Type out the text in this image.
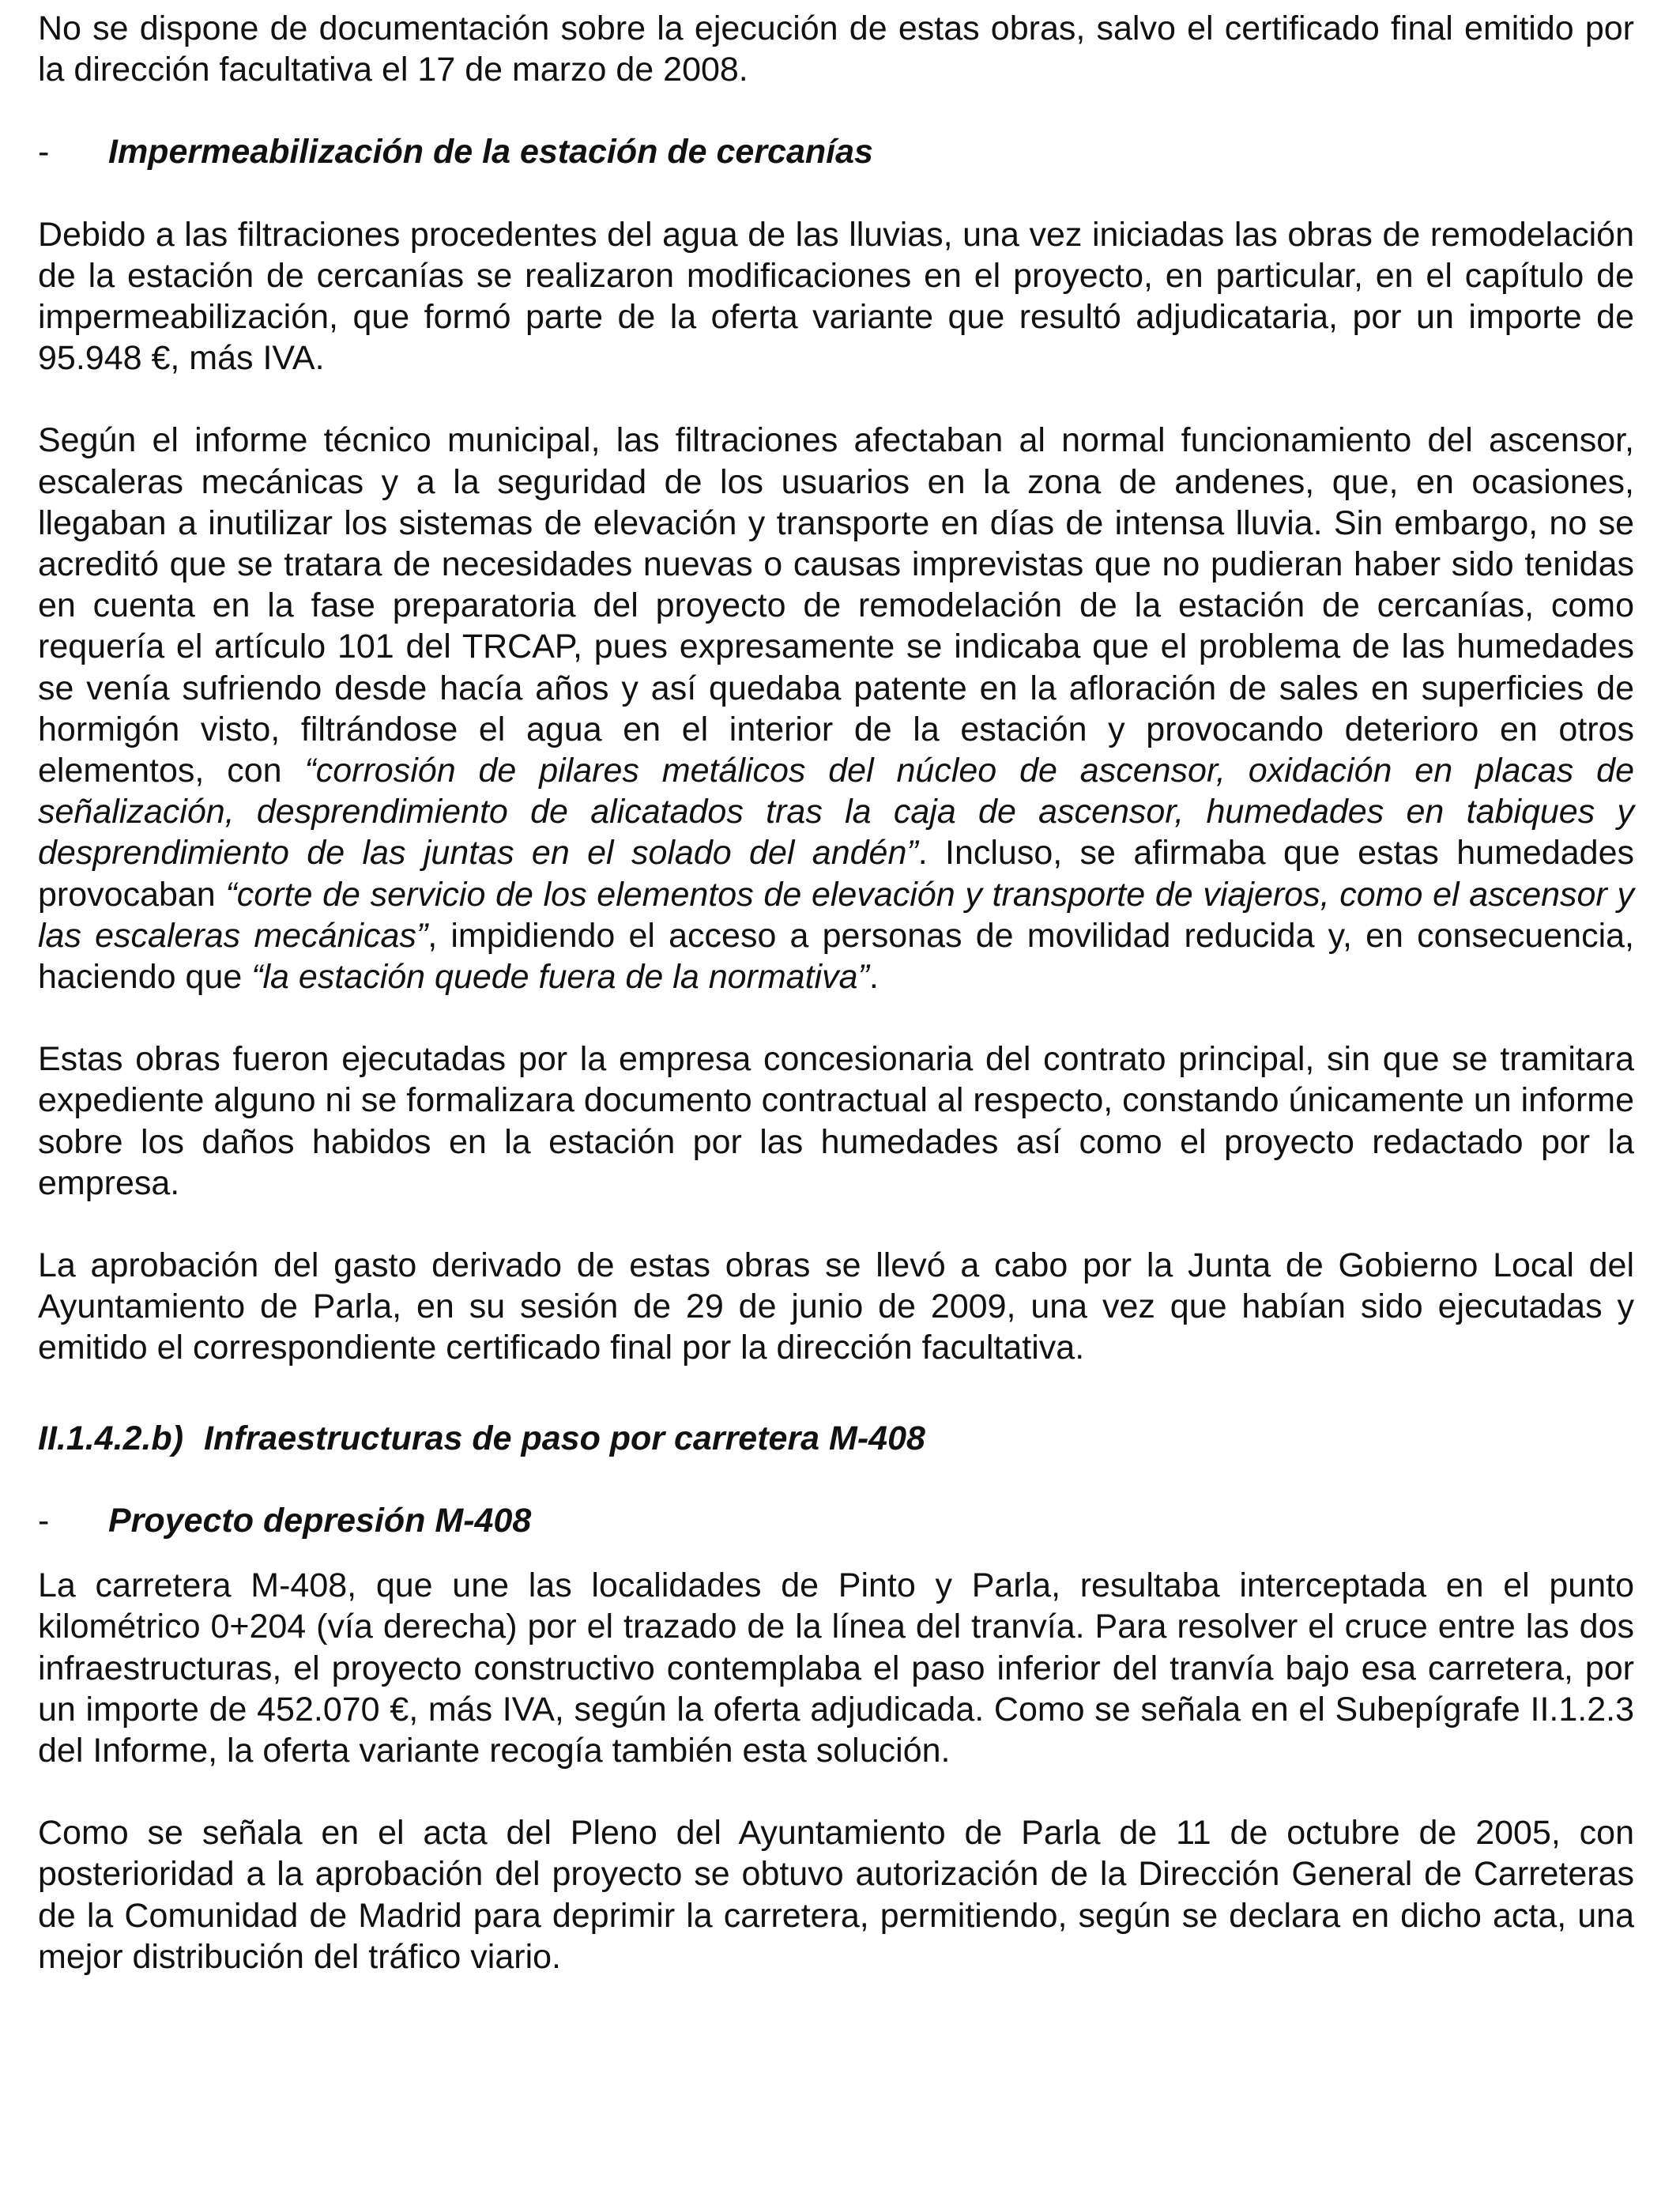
No se dispone de documentación sobre la ejecución de estas obras, salvo el certificado final emitido por la dirección facultativa el 17 de marzo de 2008.

-	Impermeabilización de la estación de cercanías

Debido a las filtraciones procedentes del agua de las lluvias, una vez iniciadas las obras de remodelación de la estación de cercanías se realizaron modificaciones en el proyecto, en particular, en el capítulo de impermeabilización, que formó parte de la oferta variante que resultó adjudicataria, por un importe de 95.948 €, más IVA.

Según el informe técnico municipal, las filtraciones afectaban al normal funcionamiento del ascensor, escaleras mecánicas y a la seguridad de los usuarios en la zona de andenes, que, en ocasiones, llegaban a inutilizar los sistemas de elevación y transporte en días de intensa lluvia. Sin embargo, no se acreditó que se tratara de necesidades nuevas o causas imprevistas que no pudieran haber sido tenidas en cuenta en la fase preparatoria del proyecto de remodelación de la estación de cercanías, como requería el artículo 101 del TRCAP, pues expresamente se indicaba que el problema de las humedades se venía sufriendo desde hacía años y así quedaba patente en la afloración de sales en superficies de hormigón visto, filtrándose el agua en el interior de la estación y provocando deterioro en otros elementos, con “corrosión de pilares metálicos del núcleo de ascensor, oxidación en placas de señalización, desprendimiento de alicatados tras la caja de ascensor, humedades en tabiques y desprendimiento de las juntas en el solado del andén”. Incluso, se afirmaba que estas humedades provocaban “corte de servicio de los elementos de elevación y transporte de viajeros, como el ascensor y las escaleras mecánicas”, impidiendo el acceso a personas de movilidad reducida y, en consecuencia, haciendo que “la estación quede fuera de la normativa”.

Estas obras fueron ejecutadas por la empresa concesionaria del contrato principal, sin que se tramitara expediente alguno ni se formalizara documento contractual al respecto, constando únicamente un informe sobre los daños habidos en la estación por las humedades así como el proyecto redactado por la empresa.

La aprobación del gasto derivado de estas obras se llevó a cabo por la Junta de Gobierno Local del Ayuntamiento de Parla, en su sesión de 29 de junio de 2009, una vez que habían sido ejecutadas y emitido el correspondiente certificado final por la dirección facultativa.

II.1.4.2.b) Infraestructuras de paso por carretera M-408
-	Proyecto depresión M-408

La carretera M-408, que une las localidades de Pinto y Parla, resultaba interceptada en el punto kilométrico 0+204 (vía derecha) por el trazado de la línea del tranvía. Para resolver el cruce entre las dos infraestructuras, el proyecto constructivo contemplaba el paso inferior del tranvía bajo esa carretera, por un importe de 452.070 €, más IVA, según la oferta adjudicada. Como se señala en el Subepígrafe II.1.2.3 del Informe, la oferta variante recogía también esta solución.

Como se señala en el acta del Pleno del Ayuntamiento de Parla de 11 de octubre de 2005, con posterioridad a la aprobación del proyecto se obtuvo autorización de la Dirección General de Carreteras de la Comunidad de Madrid para deprimir la carretera, permitiendo, según se declara en dicho acta, una mejor distribución del tráfico viario.
